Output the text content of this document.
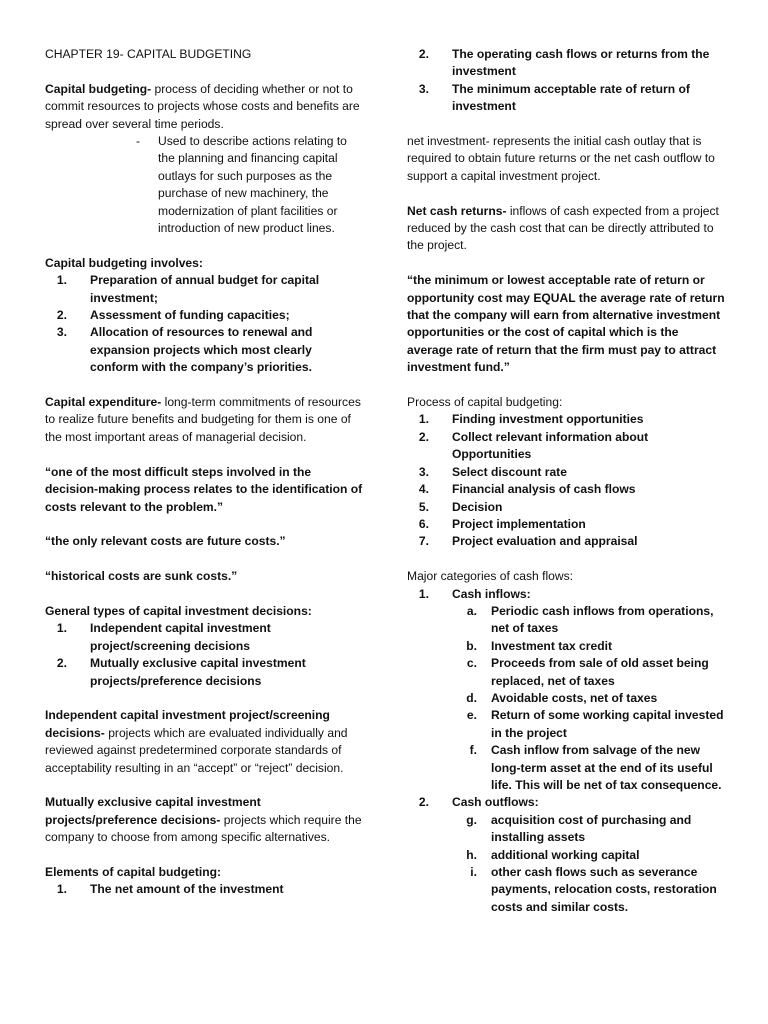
CHAPTER 19- CAPITAL BUDGETING

Capital budgeting- process of deciding whether or not to commit resources to projects whose costs and benefits are spread over several time periods.

-	Used to describe actions relating to the planning and financing capital outlays for such purposes as the purchase of new machinery, the modernization of plant facilities or introduction of new product lines.

Capital budgeting involves:

1.	Preparation of annual budget for capital investment;
2.	Assessment of funding capacities;
3.	Allocation of resources to renewal and expansion projects which most clearly conform with the company’s priorities.

Capital expenditure- long-term commitments of resources to realize future benefits and budgeting for them is one of the most important areas of managerial decision.

“one of the most difficult steps involved in the decision-making process relates to the identification of costs relevant to the problem.”

“the only relevant costs are future costs.”

“historical costs are sunk costs.”

General types of capital investment decisions:

1.	Independent capital investment project/screening decisions
2.	Mutually exclusive capital investment projects/preference decisions

Independent capital investment project/screening decisions- projects which are evaluated individually and reviewed against predetermined corporate standards of acceptability resulting in an “accept” or “reject” decision.

Mutually exclusive capital investment projects/preference decisions- projects which require the company to choose from among specific alternatives.

Elements of capital budgeting:

1.	The net amount of the investment
2.	The operating cash flows or returns from the investment
3.	The minimum acceptable rate of return of investment

net investment- represents the initial cash outlay that is required to obtain future returns or the net cash outflow to support a capital investment project.

Net cash returns- inflows of cash expected from a project reduced by the cash cost that can be directly attributed to the project.

“the minimum or lowest acceptable rate of return or opportunity cost may EQUAL the average rate of return that the company will earn from alternative investment opportunities or the cost of capital which is the average rate of return that the firm must pay to attract investment fund.”

Process of capital budgeting:

1.	Finding investment opportunities
2.	Collect relevant information about Opportunities
3.	Select discount rate
4.	Financial analysis of cash flows
5.	Decision
6.	Project implementation
7.	Project evaluation and appraisal

Major categories of cash flows:

1.	Cash inflows:
a.	Periodic cash inflows from operations, net of taxes
b.	Investment tax credit
c.	Proceeds from sale of old asset being replaced, net of taxes
d.	Avoidable costs, net of taxes
e.	Return of some working capital invested in the project
f.	Cash inflow from salvage of the new long-term asset at the end of its useful life. This will be net of tax consequence.
2.	Cash outflows:
g.	acquisition cost of purchasing and installing assets
h.	additional working capital
i.	other cash flows such as severance payments, relocation costs, restoration costs and similar costs.
